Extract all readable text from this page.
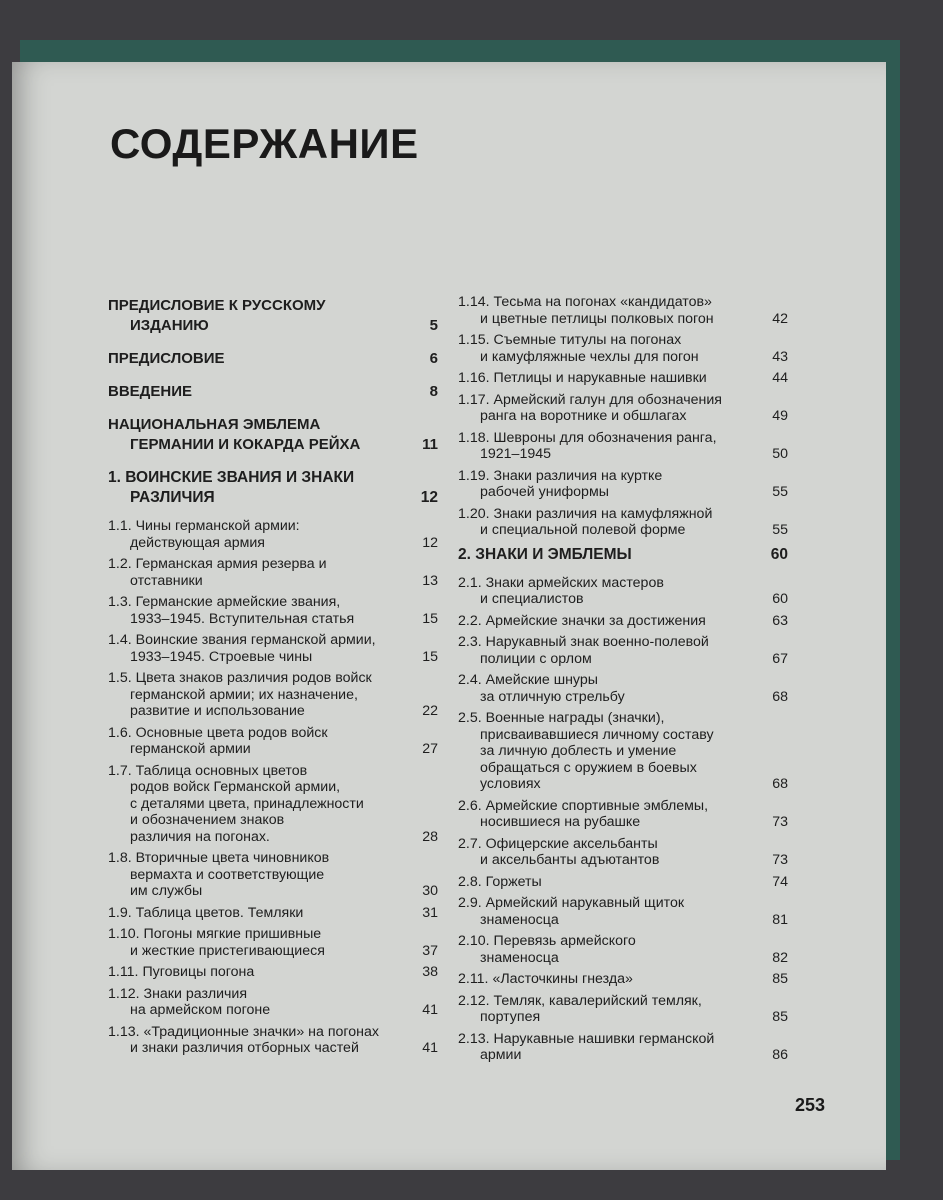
СОДЕРЖАНИЕ
ПРЕДИСЛОВИЕ К РУССКОМУ
ИЗДАНИЮ	5
ПРЕДИСЛОВИЕ	6
ВВЕДЕНИЕ	8
НАЦИОНАЛЬНАЯ ЭМБЛЕМА
ГЕРМАНИИ И КОКАРДА РЕЙХА	11
1. ВОИНСКИЕ ЗВАНИЯ И ЗНАКИ
РАЗЛИЧИЯ	12
1.1. Чины германской армии:
действующая армия	12
1.2. Германская армия резерва и
отставники	13
1.3. Германские армейские звания,
1933–1945. Вступительная статья	15
1.4. Воинские звания германской армии,
1933–1945. Строевые чины	15
1.5. Цвета знаков различия родов войск
германской армии; их назначение,
развитие и использование	22
1.6. Основные цвета родов войск
германской армии	27
1.7. Таблица основных цветов
родов войск Германской армии,
с деталями цвета, принадлежности
и обозначением знаков
различия на погонах.	28
1.8. Вторичные цвета чиновников
вермахта и соответствующие
им службы	30
1.9. Таблица цветов. Темляки	31
1.10. Погоны мягкие пришивные
и жесткие пристегивающиеся	37
1.11. Пуговицы погона	38
1.12. Знаки различия
на армейском погоне	41
1.13. «Традиционные значки» на погонах
и знаки различия отборных частей	41
1.14. Тесьма на погонах «кандидатов»
и цветные петлицы полковых погон	42
1.15. Съемные титулы на погонах
и камуфляжные чехлы для погон	43
1.16. Петлицы и нарукавные нашивки	44
1.17. Армейский галун для обозначения
ранга на воротнике и обшлагах	49
1.18. Шевроны для обозначения ранга,
1921–1945	50
1.19. Знаки различия на куртке
рабочей униформы	55
1.20. Знаки различия на камуфляжной
и специальной полевой форме	55
2. ЗНАКИ И ЭМБЛЕМЫ	60
2.1. Знаки армейских мастеров
и специалистов	60
2.2. Армейские значки за достижения	63
2.3. Нарукавный знак военно-полевой
полиции с орлом	67
2.4. Амейские шнуры
за отличную стрельбу	68
2.5. Военные награды (значки),
присваивавшиеся личному составу
за личную доблесть и умение
обращаться с оружием в боевых
условиях	68
2.6. Армейские спортивные эмблемы,
носившиеся на рубашке	73
2.7. Офицерские аксельбанты
и аксельбанты адъютантов	73
2.8. Горжеты	74
2.9. Армейский нарукавный щиток
знаменосца	81
2.10. Перевязь армейского
знаменосца	82
2.11. «Ласточкины гнезда»	85
2.12. Темляк, кавалерийский темляк,
портупея	85
2.13. Нарукавные нашивки германской
армии	86
253
